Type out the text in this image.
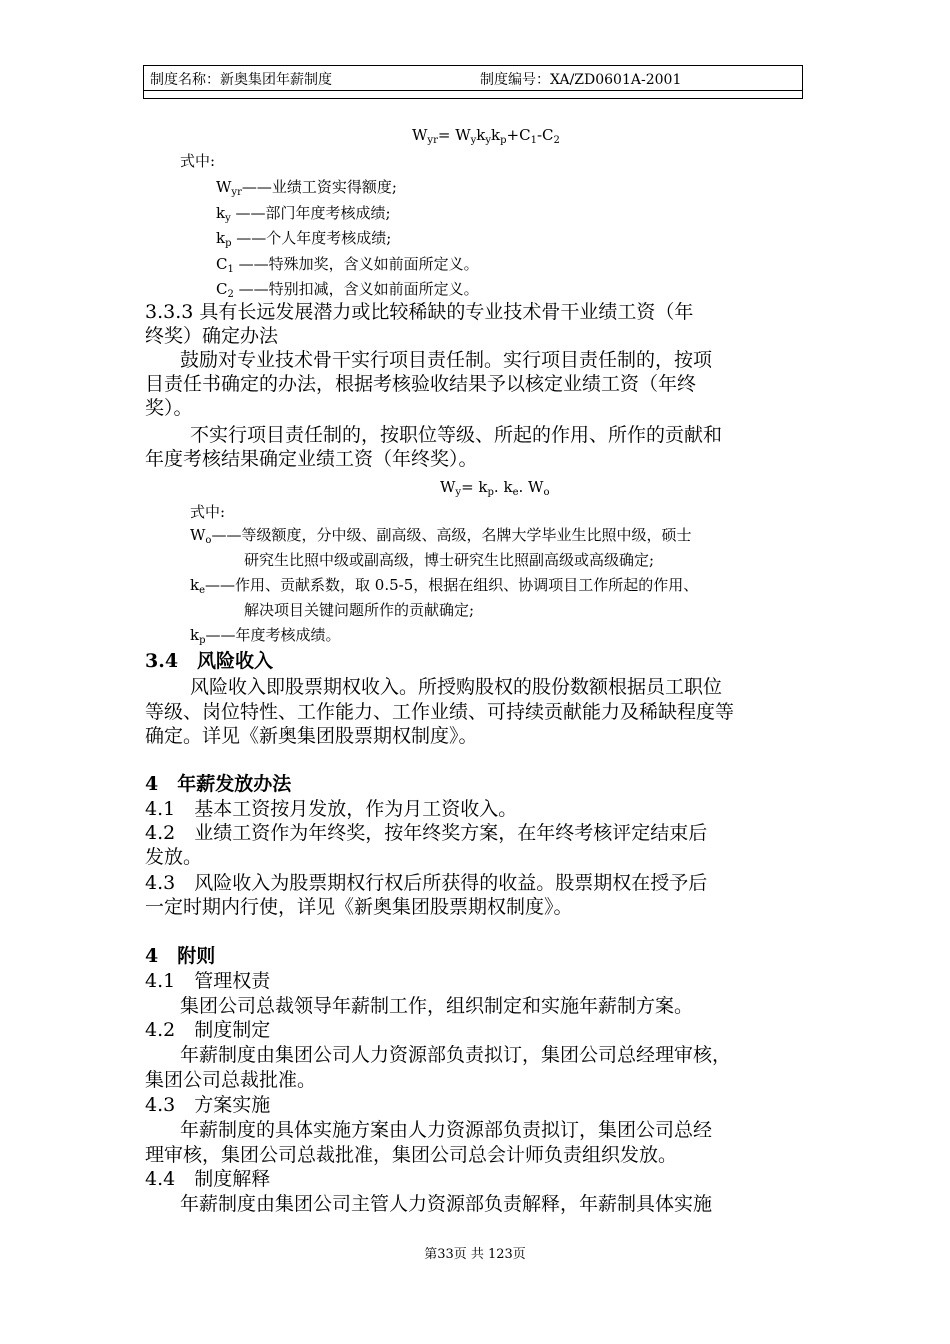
制度名称：新奥集团年薪制度	制度编号：XA/ZD0601A-2001
$W_{yr}= W_yk_yk_p+C_1-C_2$
式中:
$W_{yr}——$业绩工资实得额度;
$k_y$ ——部门年度考核成绩;
$k_p$ ——个人年度考核成绩;
$C_1$ ——特殊加奖，含义如前面所定义。
$C_2$ ——特别扣减，含义如前面所定义。
3.3.3 具有长远发展潜力或比较稀缺的专业技术骨干业绩工资（年
终奖）确定办法
鼓励对专业技术骨干实行项目责任制。实行项目责任制的，按项
目责任书确定的办法，根据考核验收结果予以核定业绩工资（年终
奖）。
不实行项目责任制的，按职位等级、所起的作用、所作的贡献和
年度考核结果确定业绩工资（年终奖）。
$W_y= k_p$. $k_e$. $W_o$
式中:
$W_o——$等级额度，分中级、副高级、高级，名牌大学毕业生比照中级，硕士
研究生比照中级或副高级，博士研究生比照副高级或高级确定;
$k_e——$作用、贡献系数，取 0.5-5，根据在组织、协调项目工作所起的作用、
解决项目关键问题所作的贡献确定;
$k_p——$年度考核成绩。
3.4　风险收入
风险收入即股票期权收入。所授购股权的股份数额根据员工职位
等级、岗位特性、工作能力、工作业绩、可持续贡献能力及稀缺程度等
确定。详见《新奥集团股票期权制度》。
4　年薪发放办法
4.1　基本工资按月发放，作为月工资收入。
4.2　业绩工资作为年终奖，按年终奖方案，在年终考核评定结束后
发放。
4.3　风险收入为股票期权行权后所获得的收益。股票期权在授予后
一定时期内行使，详见《新奥集团股票期权制度》。
4　附则
4.1　管理权责
集团公司总裁领导年薪制工作，组织制定和实施年薪制方案。
4.2　制度制定
年薪制度由集团公司人力资源部负责拟订，集团公司总经理审核，
集团公司总裁批准。
4.3　方案实施
年薪制度的具体实施方案由人力资源部负责拟订，集团公司总经
理审核，集团公司总裁批准，集团公司总会计师负责组织发放。
4.4　制度解释
年薪制度由集团公司主管人力资源部负责解释，年薪制具体实施
第33页 共 123页
